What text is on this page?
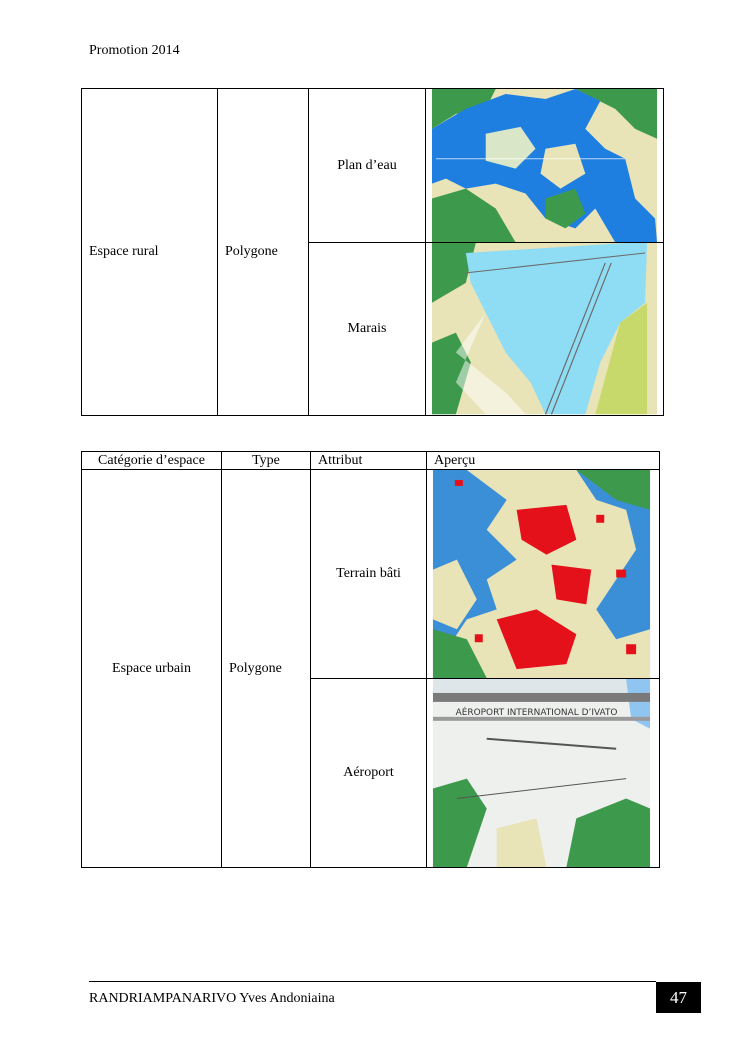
Promotion 2014
Espace rural	Polygone	Plan d’eau	

		Marais	
Catégorie d’espace	Type	Attribut	Aperçu
Espace urbain	Polygone	Terrain bâti	

		Aéroport	AÉROPORT INTERNATIONAL D’IVATO
RANDRIAMPANARIVO Yves Andoniaina	47
